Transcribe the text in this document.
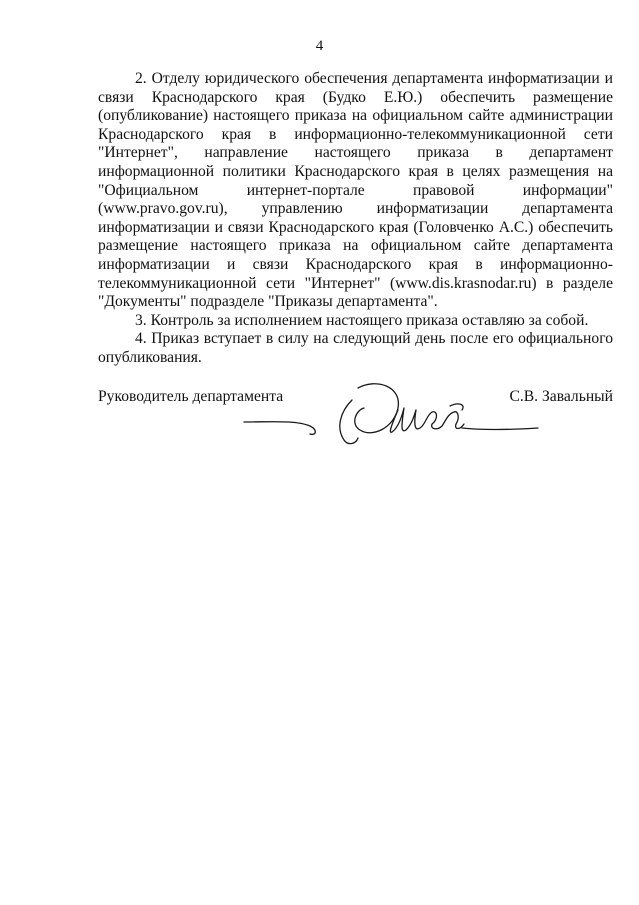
4

2. Отделу юридического обеспечения департамента информатизации и связи Краснодарского края (Будко Е.Ю.) обеспечить размещение (опубликование) настоящего приказа на официальном сайте администрации Краснодарского края в информационно-телекоммуникационной сети "Интернет", направление настоящего приказа в департамент информационной политики Краснодарского края в целях размещения на "Официальном интернет-портале правовой информации" (www.pravo.gov.ru), управлению информатизации департамента информатизации и связи Краснодарского края (Головченко А.С.) обеспечить размещение настоящего приказа на официальном сайте департамента информатизации и связи Краснодарского края в информационно-телекоммуникационной сети "Интернет" (www.dis.krasnodar.ru) в разделе "Документы" подразделе "Приказы департамента".

3. Контроль за исполнением настоящего приказа оставляю за собой.

4. Приказ вступает в силу на следующий день после его официального опубликования.

Руководитель департамента	С.В. Завальный
